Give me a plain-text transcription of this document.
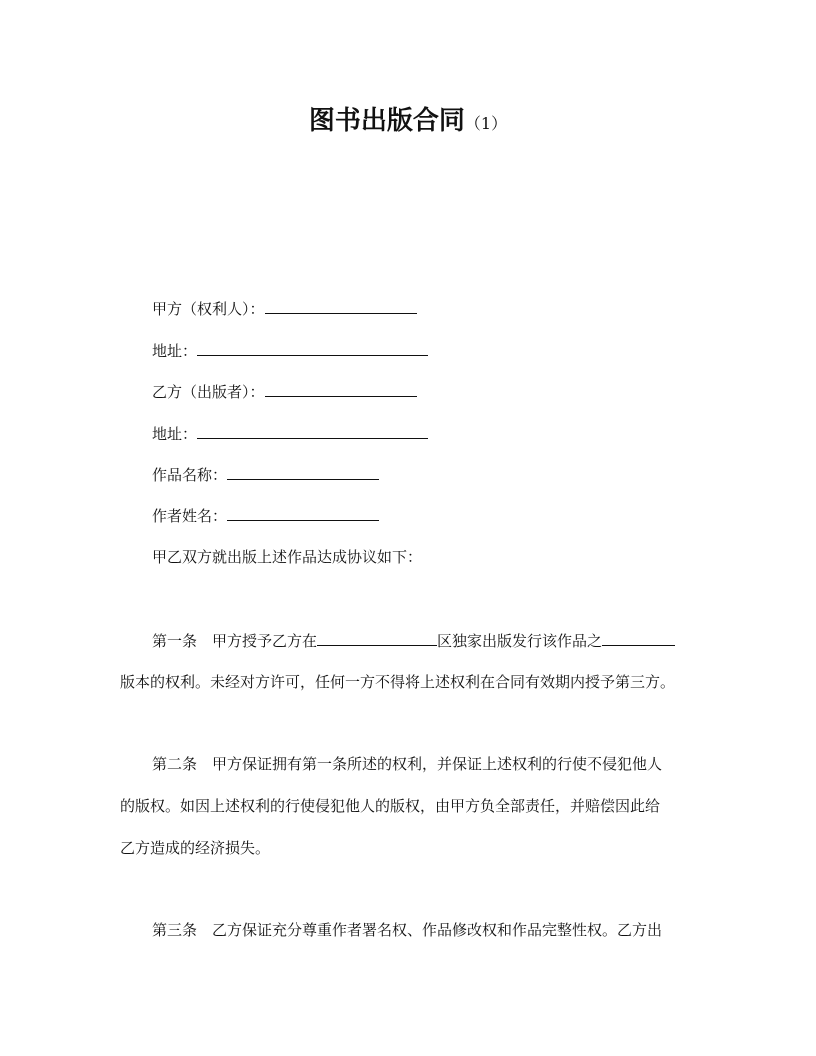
图书出版合同（1）
甲方（权利人）：
地址：
乙方（出版者）：
地址：
作品名称：
作者姓名：
甲乙双方就出版上述作品达成协议如下：
第一条 甲方授予乙方在	区独家出版发行该作品之
版本的权利。未经对方许可，任何一方不得将上述权利在合同有效期内授予第三方。
第二条 甲方保证拥有第一条所述的权利，并保证上述权利的行使不侵犯他人
的版权。如因上述权利的行使侵犯他人的版权，由甲方负全部责任，并赔偿因此给
乙方造成的经济损失。
第三条 乙方保证充分尊重作者署名权、作品修改权和作品完整性权。乙方出
